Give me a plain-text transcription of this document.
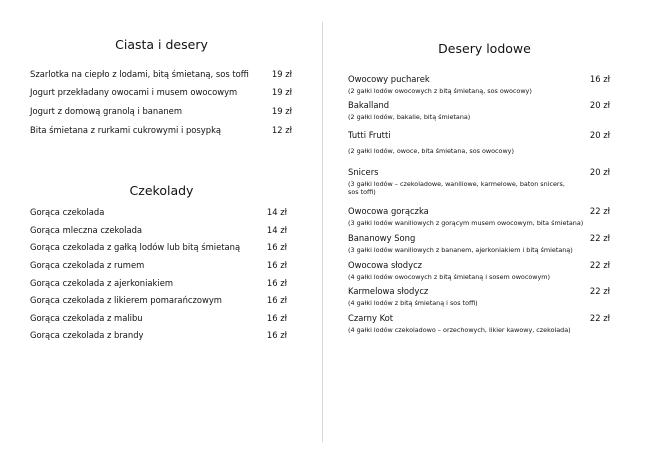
Ciasta i desery
Szarlotka na ciepło z lodami, bitą śmietaną, sos toffi	19 zł
Jogurt przekładany owocami i musem owocowym	19 zł
Jogurt z domową granolą i bananem	19 zł
Bita śmietana z rurkami cukrowymi i posypką	12 zł
Czekolady
Gorąca czekolada	14 zł
Gorąca mleczna czekolada	14 zł
Gorąca czekolada z gałką lodów lub bitą śmietaną	16 zł
Gorąca czekolada z rumem	16 zł
Gorąca czekolada z ajerkoniakiem	16 zł
Gorąca czekolada z likierem pomarańczowym	16 zł
Gorąca czekolada z malibu	16 zł
Gorąca czekolada z brandy	16 zł
Desery lodowe
Owocowy pucharek	16 zł
(2 gałki lodów owocowych z bitą śmietaną, sos owocowy)
Bakalland	20 zł
(2 gałki lodów, bakalie, bitą śmietana)
Tutti Frutti	20 zł
(2 gałki lodów, owoce, bita śmietana, sos owocowy)
Snicers	20 zł
(3 gałki lodów – czekoladowe, waniliowe, karmelowe, baton snicers, sos toffi)
Owocowa gorączka	22 zł
(3 gałki lodów waniliowych z gorącym musem owocowym, bita śmietana)
Bananowy Song	22 zł
(3 gałki lodów waniliowych z bananem, ajerkoniakiem i bitą śmietaną)
Owocowa słodycz	22 zł
(4 gałki lodów owocowych z bitą śmietaną i sosem owocowym)
Karmelowa słodycz	22 zł
(4 gałki lodów z bitą śmietaną i sos toffi)
Czarny Kot	22 zł
(4 gałki lodów czekoladowo – orzechowych, likier kawowy, czekolada)
